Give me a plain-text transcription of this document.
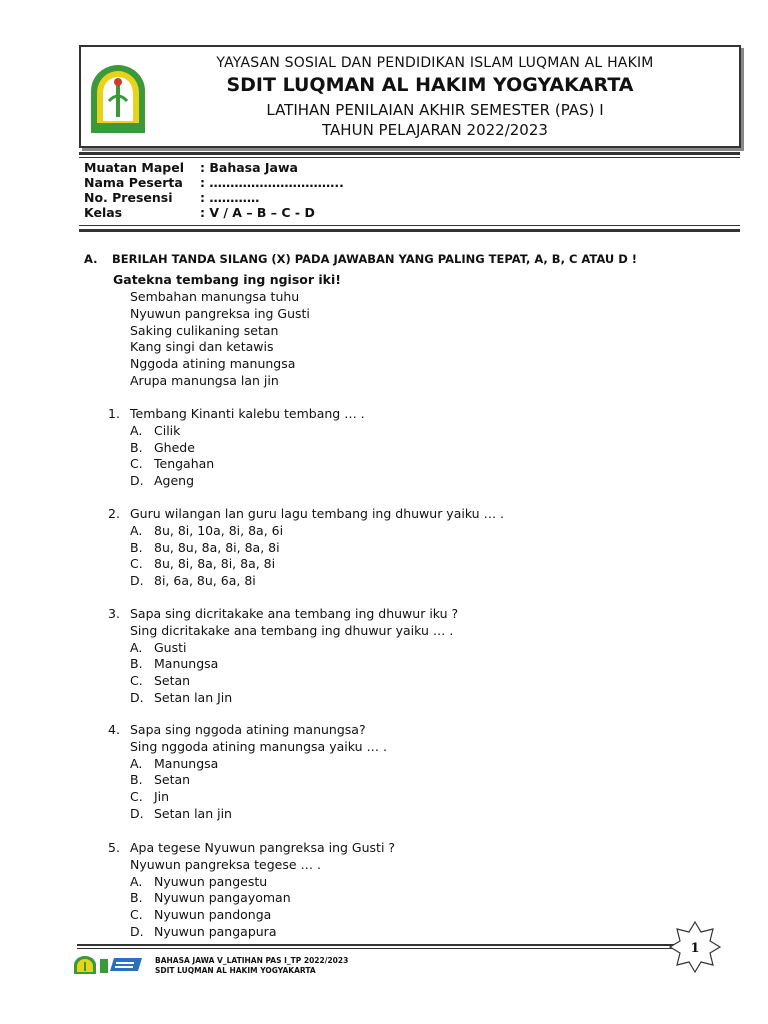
YAYASAN SOSIAL DAN PENDIDIKAN ISLAM LUQMAN AL HAKIM
SDIT LUQMAN AL HAKIM YOGYAKARTA
LATIHAN PENILAIAN AKHIR SEMESTER (PAS) I
TAHUN PELAJARAN 2022/2023
Muatan Mapel	: Bahasa Jawa
Nama Peserta	: …………………………..
No. Presensi	: …………
Kelas	: V / A – B – C - D
A. BERILAH TANDA SILANG (X) PADA JAWABAN YANG PALING TEPAT, A, B, C ATAU D !
Gatekna tembang ing ngisor iki!
Sembahan manungsa tuhu
Nyuwun pangreksa ing Gusti
Saking culikaning setan
Kang singi dan ketawis
Nggoda atining manungsa
Arupa manungsa lan jin
1. Tembang Kinanti kalebu tembang … .
A. Cilik
B. Ghede
C. Tengahan
D. Ageng
2. Guru wilangan lan guru lagu tembang ing dhuwur yaiku … .
A. 8u, 8i, 10a, 8i, 8a, 6i
B. 8u, 8u, 8a, 8i, 8a, 8i
C. 8u, 8i, 8a, 8i, 8a, 8i
D. 8i, 6a, 8u, 6a, 8i
3. Sapa sing dicritakake ana tembang ing dhuwur iku ?
Sing dicritakake ana tembang ing dhuwur yaiku … .
A. Gusti
B. Manungsa
C. Setan
D. Setan lan Jin
4. Sapa sing nggoda atining manungsa?
Sing nggoda atining manungsa yaiku … .
A. Manungsa
B. Setan
C. Jin
D. Setan lan jin
5. Apa tegese Nyuwun pangreksa ing Gusti ?
Nyuwun pangreksa tegese … .
A. Nyuwun pangestu
B. Nyuwun pangayoman
C. Nyuwun pandonga
D. Nyuwun pangapura
BAHASA JAWA V_LATIHAN PAS I_TP 2022/2023
SDIT LUQMAN AL HAKIM YOGYAKARTA
1
